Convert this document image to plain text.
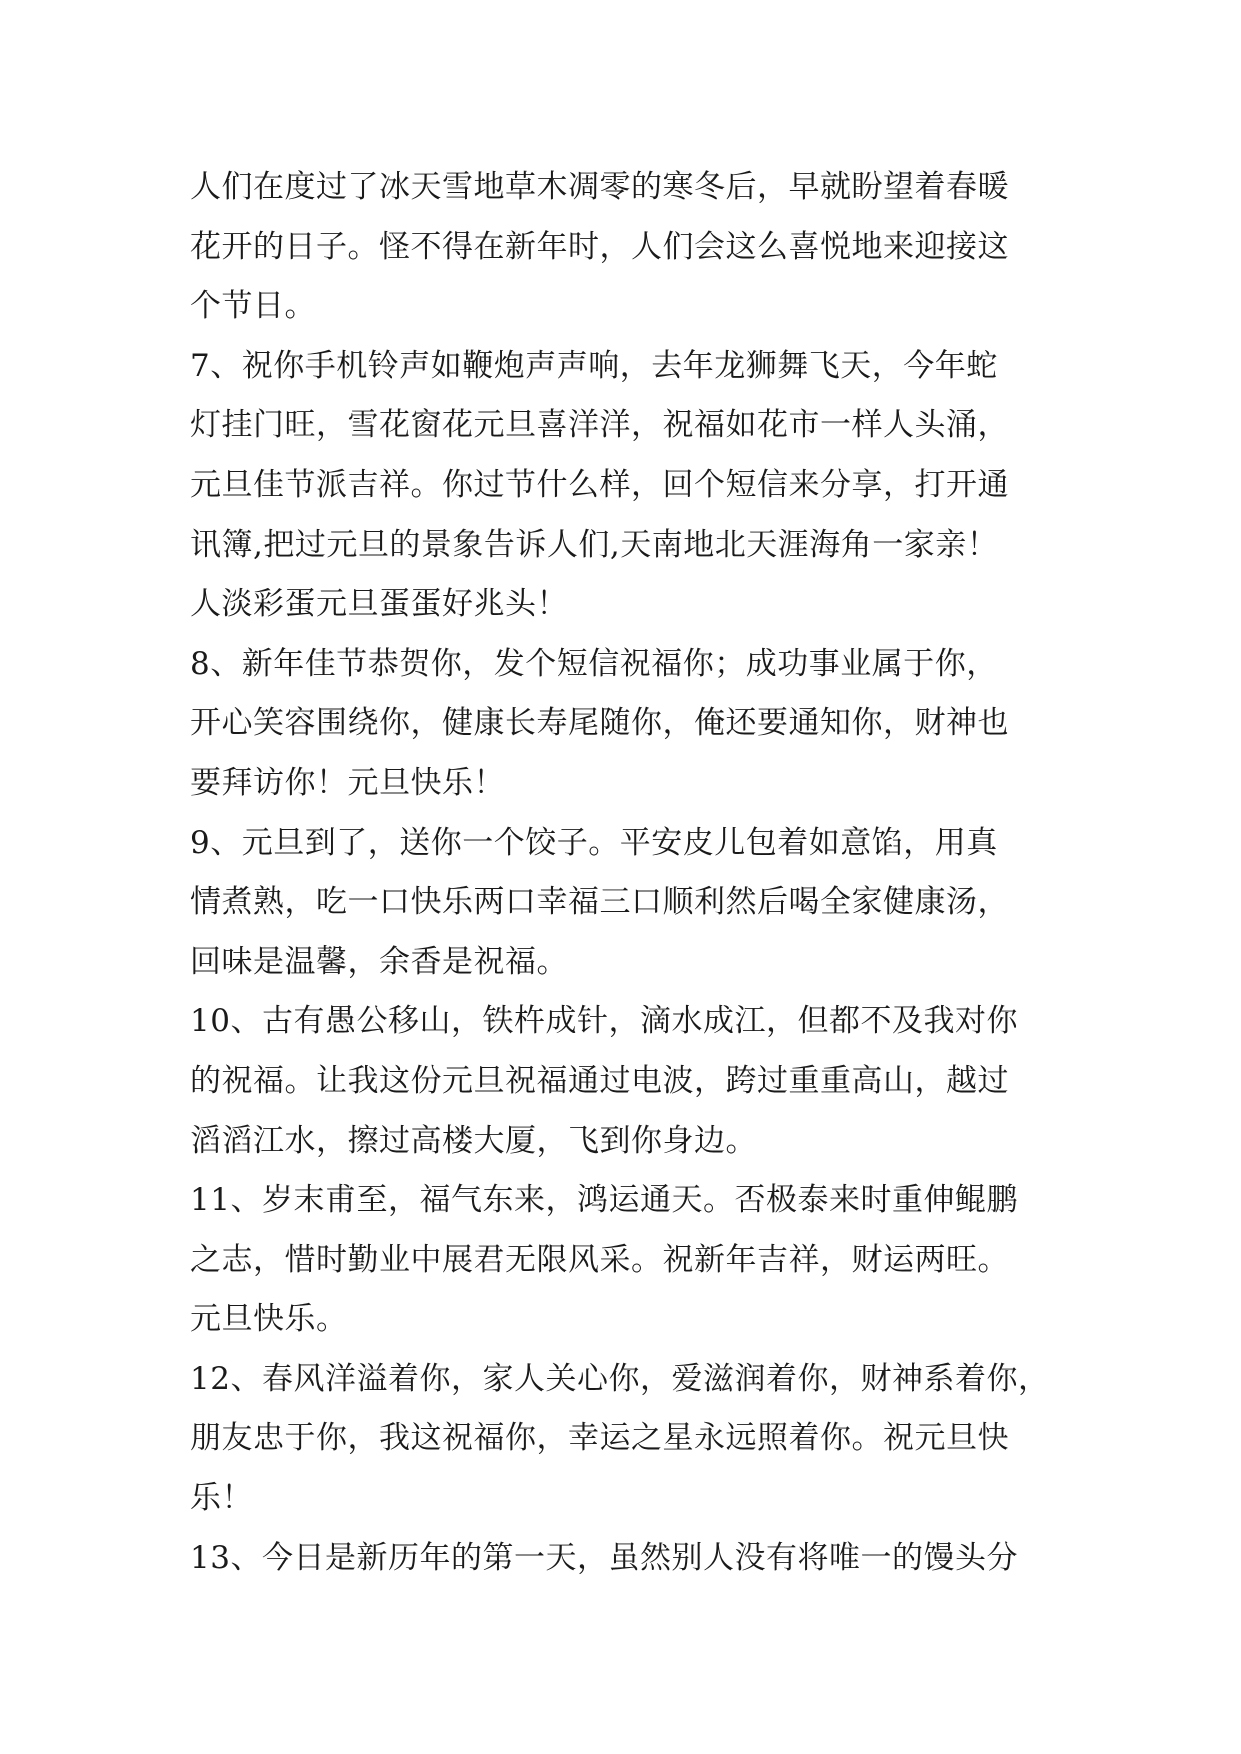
人们在度过了冰天雪地草木凋零的寒冬后，早就盼望着春暖
花开的日子。怪不得在新年时，人们会这么喜悦地来迎接这
个节日。
7、祝你手机铃声如鞭炮声声响，去年龙狮舞飞天，今年蛇
灯挂门旺，雪花窗花元旦喜洋洋，祝福如花市一样人头涌，
元旦佳节派吉祥。你过节什么样，回个短信来分享，打开通
讯簿,把过元旦的景象告诉人们,天南地北天涯海角一家亲！
人淡彩蛋元旦蛋蛋好兆头！
8、新年佳节恭贺你，发个短信祝福你；成功事业属于你，
开心笑容围绕你，健康长寿尾随你，俺还要通知你，财神也
要拜访你！元旦快乐！
9、元旦到了，送你一个饺子。平安皮儿包着如意馅，用真
情煮熟，吃一口快乐两口幸福三口顺利然后喝全家健康汤，
回味是温馨，余香是祝福。
10、古有愚公移山，铁杵成针，滴水成江，但都不及我对你
的祝福。让我这份元旦祝福通过电波，跨过重重高山，越过
滔滔江水，擦过高楼大厦，飞到你身边。
11、岁末甫至，福气东来，鸿运通天。否极泰来时重伸鲲鹏
之志，惜时勤业中展君无限风采。祝新年吉祥，财运两旺。
元旦快乐。
12、春风洋溢着你，家人关心你，爱滋润着你，财神系着你，
朋友忠于你，我这祝福你，幸运之星永远照着你。祝元旦快
乐！
13、今日是新历年的第一天，虽然别人没有将唯一的馒头分
